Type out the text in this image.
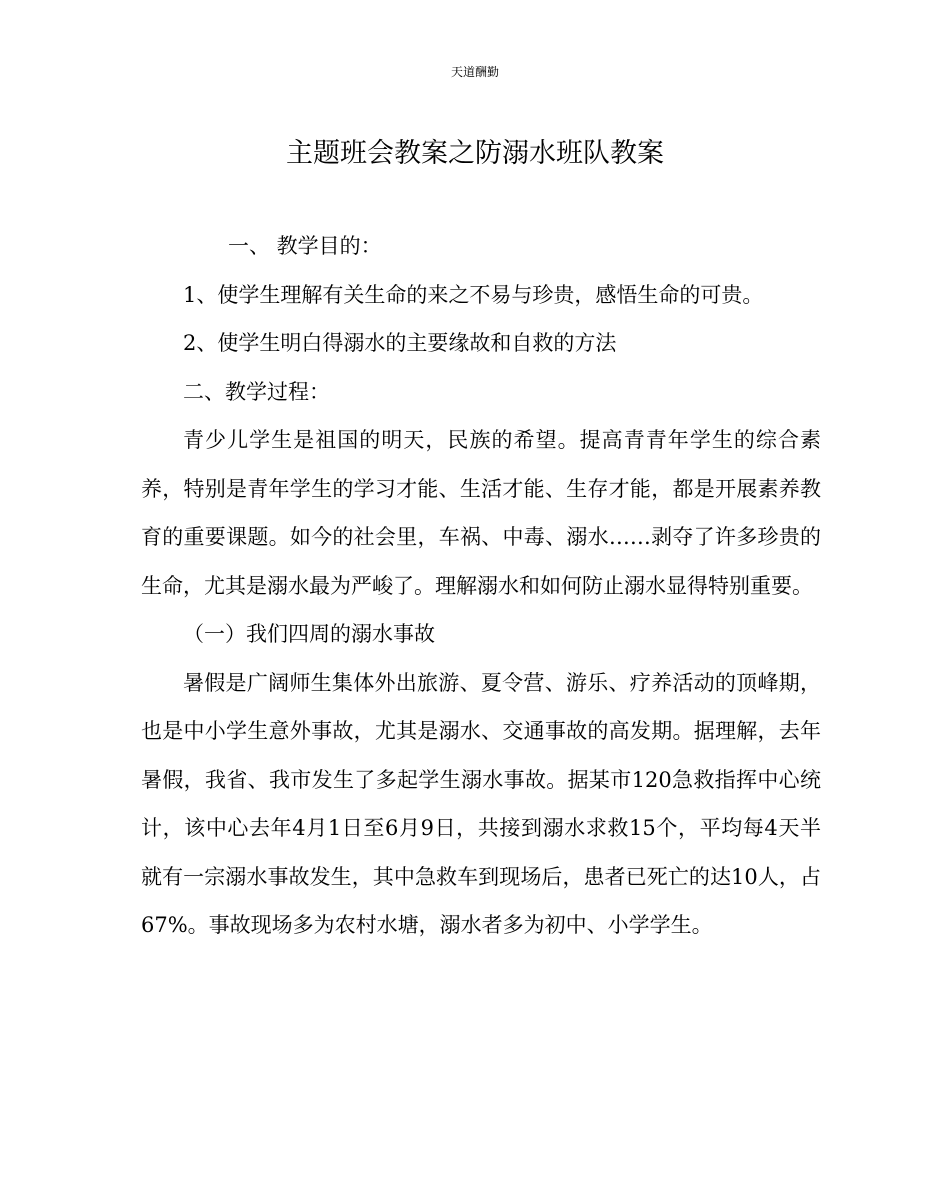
天道酬勤
主题班会教案之防溺水班队教案

一、 教学目的：

1、使学生理解有关生命的来之不易与珍贵，感悟生命的可贵。

2、使学生明白得溺水的主要缘故和自救的方法

二、教学过程：

青少儿学生是祖国的明天，民族的希望。提高青青年学生的综合素养，特别是青年学生的学习才能、生活才能、生存才能，都是开展素养教育的重要课题。如今的社会里，车祸、中毒、溺水……剥夺了许多珍贵的生命，尤其是溺水最为严峻了。理解溺水和如何防止溺水显得特别重要。

（一）我们四周的溺水事故

暑假是广阔师生集体外出旅游、夏令营、游乐、疗养活动的顶峰期，也是中小学生意外事故，尤其是溺水、交通事故的高发期。据理解，去年暑假，我省、我市发生了多起学生溺水事故。据某市120急救指挥中心统计，该中心去年4月1日至6月9日，共接到溺水求救15个，平均每4天半就有一宗溺水事故发生，其中急救车到现场后，患者已死亡的达10人，占67%。事故现场多为农村水塘，溺水者多为初中、小学学生。
